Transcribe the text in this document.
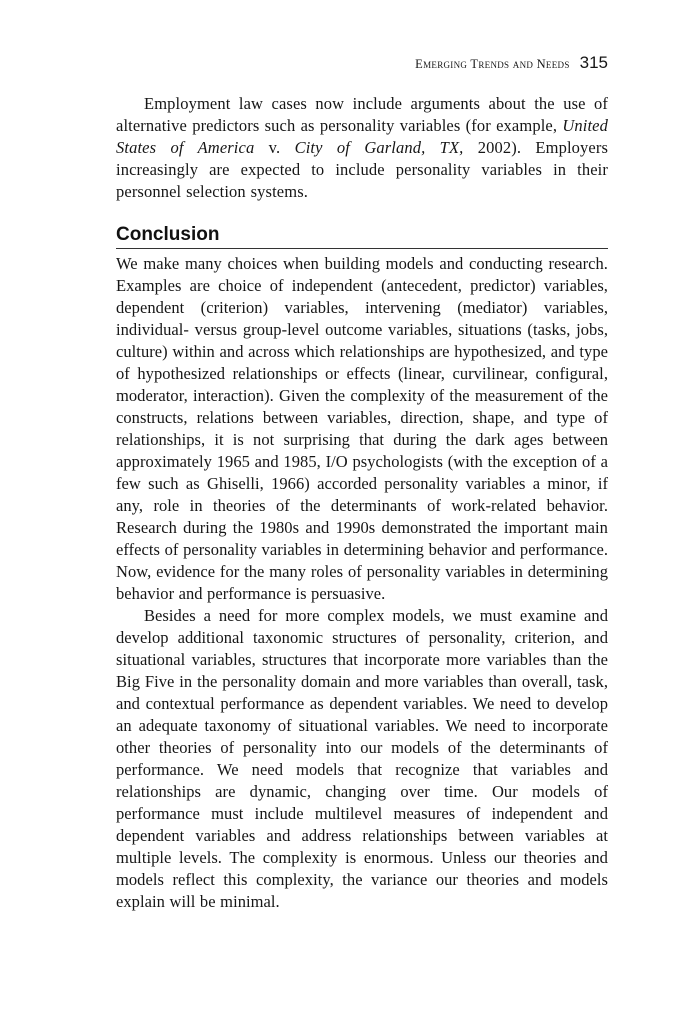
Emerging Trends and Needs 315

Employment law cases now include arguments about the use of alternative predictors such as personality variables (for example, United States of America v. City of Garland, TX, 2002). Employers increasingly are expected to include personality variables in their personnel selection systems.

Conclusion

We make many choices when building models and conducting research. Examples are choice of independent (antecedent, predictor) variables, dependent (criterion) variables, intervening (mediator) variables, individual- versus group-level outcome variables, situations (tasks, jobs, culture) within and across which relationships are hypothesized, and type of hypothesized relationships or effects (linear, curvilinear, configural, moderator, interaction). Given the complexity of the measurement of the constructs, relations between variables, direction, shape, and type of relationships, it is not surprising that during the dark ages between approximately 1965 and 1985, I/O psychologists (with the exception of a few such as Ghiselli, 1966) accorded personality variables a minor, if any, role in theories of the determinants of work-related behavior. Research during the 1980s and 1990s demonstrated the important main effects of personality variables in determining behavior and performance. Now, evidence for the many roles of personality variables in determining behavior and performance is persuasive.

Besides a need for more complex models, we must examine and develop additional taxonomic structures of personality, criterion, and situational variables, structures that incorporate more variables than the Big Five in the personality domain and more variables than overall, task, and contextual performance as dependent variables. We need to develop an adequate taxonomy of situational variables. We need to incorporate other theories of personality into our models of the determinants of performance. We need models that recognize that variables and relationships are dynamic, changing over time. Our models of performance must include multilevel measures of independent and dependent variables and address relationships between variables at multiple levels. The complexity is enormous. Unless our theories and models reflect this complexity, the variance our theories and models explain will be minimal.
